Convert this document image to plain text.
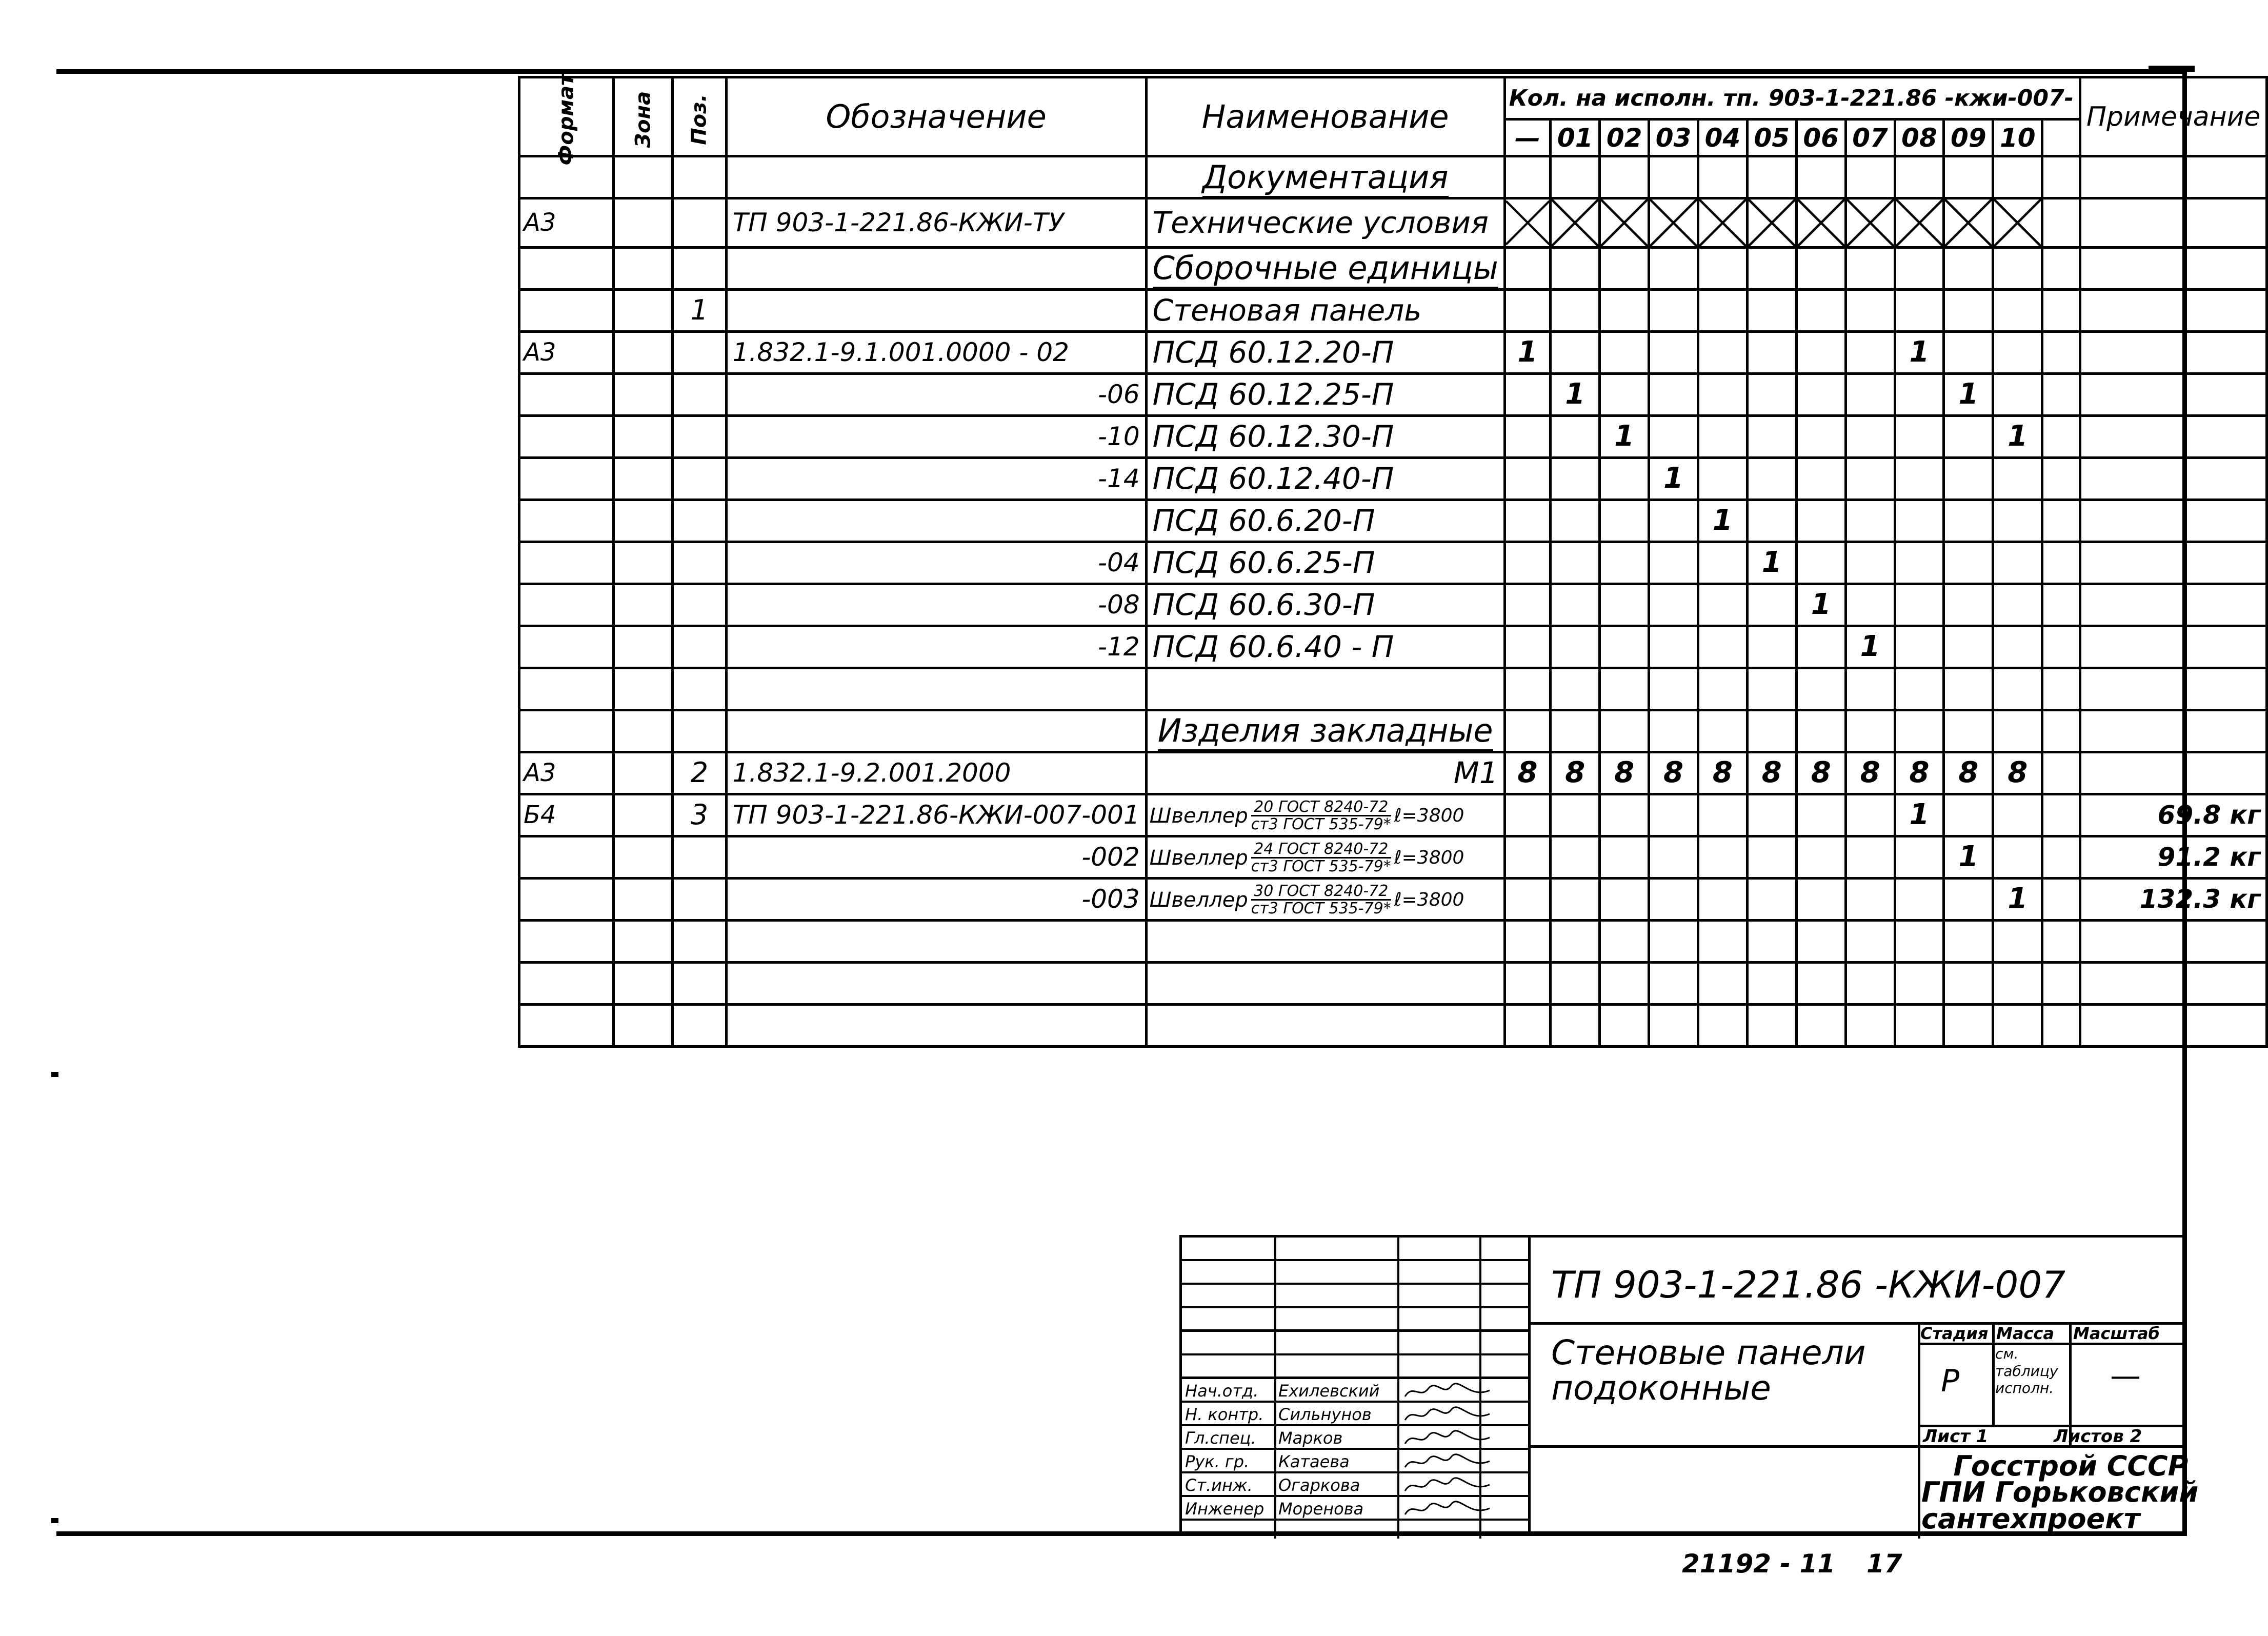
Формат	Зона	Поз.	Обозначение	Наименование	Кол. на исполн. тп. 903-1-221.86 -кжи-007-												Примечание
					—	01	02	03	04	05	06	07	08	09	10		
				Документация													
А3			ТП 903-1-221.86-КЖИ-ТУ	Технические условия	

				Сборочные единицы													
		1		Стеновая панель													
А3			1.832.1-9.1.001.0000 - 02	ПСД 60.12.20-П	1								1				
			-06	ПСД 60.12.25-П		1								1			
			-10	ПСД 60.12.30-П			1								1		
			-14	ПСД 60.12.40-П				1									
				ПСД 60.6.20-П					1								
			-04	ПСД 60.6.25-П						1							
			-08	ПСД 60.6.30-П							1						
			-12	ПСД 60.6.40 - П								1					

				Изделия закладные													
А3		2	1.832.1-9.2.001.2000	М1	8	8	8	8	8	8	8	8	8	8	8		
Б4		3	ТП 903-1-221.86-КЖИ-007-001	Швеллер $\frac{\text{20 ГОСТ 8240-72}}{\text{ст3 ГОСТ 535-79*}}$ ℓ=3800									1				69.8 кг
			-002	Швеллер $\frac{\text{24 ГОСТ 8240-72}}{\text{ст3 ГОСТ 535-79*}}$ ℓ=3800										1			91.2 кг
			-003	Швеллер $\frac{\text{30 ГОСТ 8240-72}}{\text{ст3 ГОСТ 535-79*}}$ ℓ=3800											1		132.3 кг

Нач.отд. Ехилевский
Н. контр. Сильнунов
Гл.спец. Марков
Рук. гр. Катаева
Ст.инж. Огаркова
Инженер Моренова
ТП 903-1-221.86 -КЖИ-007
Стеновые панели
подоконные
Стадия Масса Масштаб
Р
см. таблицу исполн.	—
Лист 1	Листов 2
Госстрой СССР
ГПИ Горьковский
сантехпроект
21192 - 11 17
